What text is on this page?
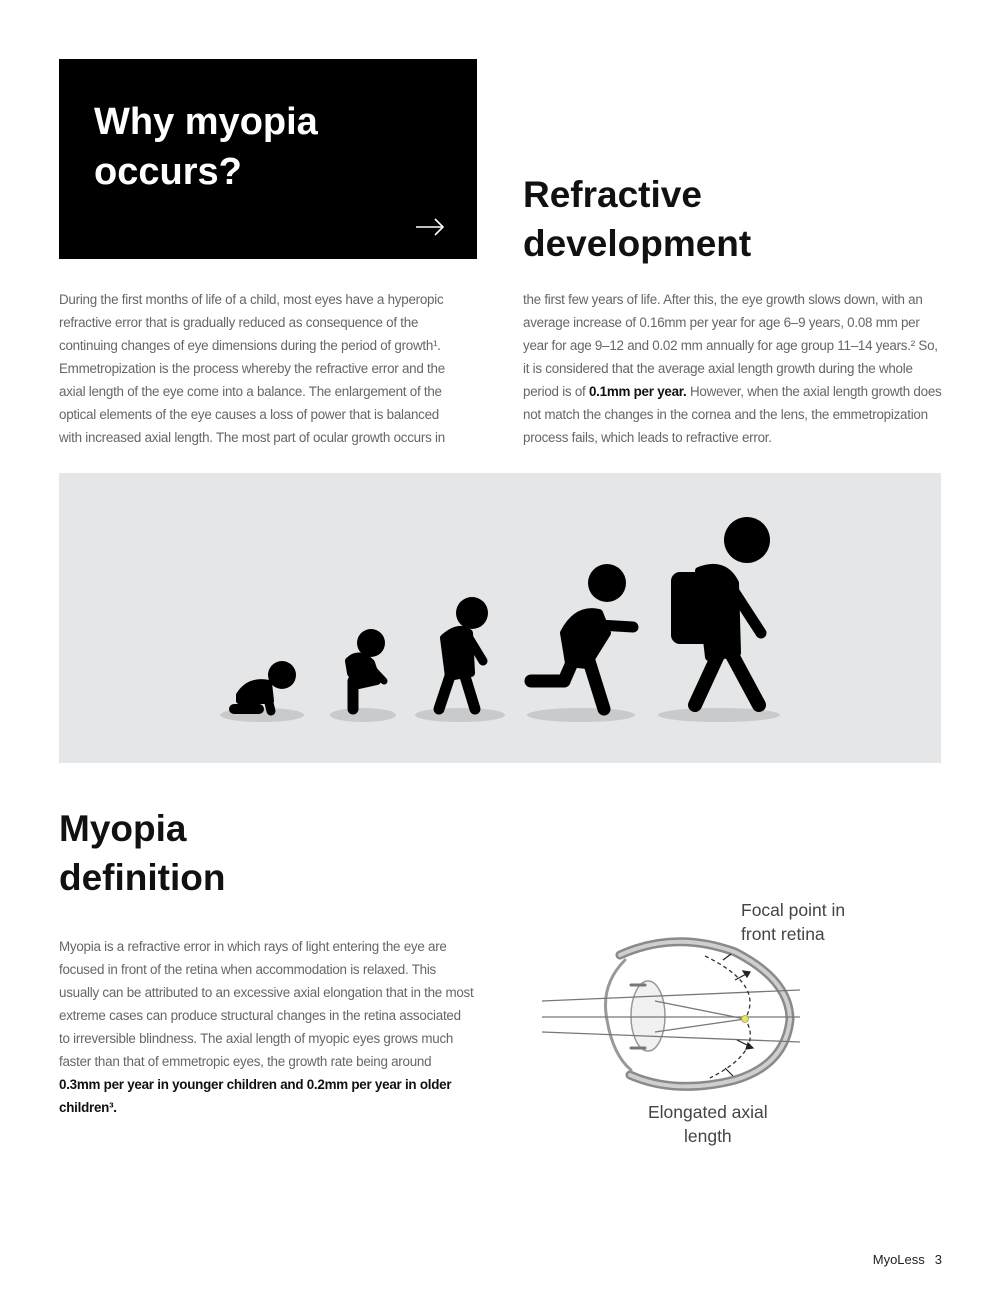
Why myopia
occurs?
Refractive
development

During the first months of life of a child, most eyes have a hyperopic refractive error that is gradually reduced as consequence of the continuing changes of eye dimensions during the period of growth¹. Emmetropization is the process whereby the refractive error and the axial length of the eye come into a balance. The enlargement of the optical elements of the eye causes a loss of power that is balanced with increased axial length. The most part of ocular growth occurs in

the first few years of life. After this, the eye growth slows down, with an average increase of 0.16mm per year for age 6–9 years, 0.08 mm per year for age 9–12 and 0.02 mm annually for age group 11–14 years.² So, it is considered that the average axial length growth during the whole period is of 0.1mm per year. However, when the axial length growth does not match the changes in the cornea and the lens, the emmetropization process fails, which leads to refractive error.

Myopia
definition

Myopia is a refractive error in which rays of light entering the eye are focused in front of the retina when accommodation is relaxed. This usually can be attributed to an excessive axial elongation that in the most extreme cases can produce structural changes in the retina associated to irreversible blindness. The axial length of myopic eyes grows much faster than that of emmetropic eyes, the growth rate being around 0.3mm per year in younger children and 0.2mm per year in older children³.

Focal point in
front retina
Elongated axial
length
MyoLess 3
